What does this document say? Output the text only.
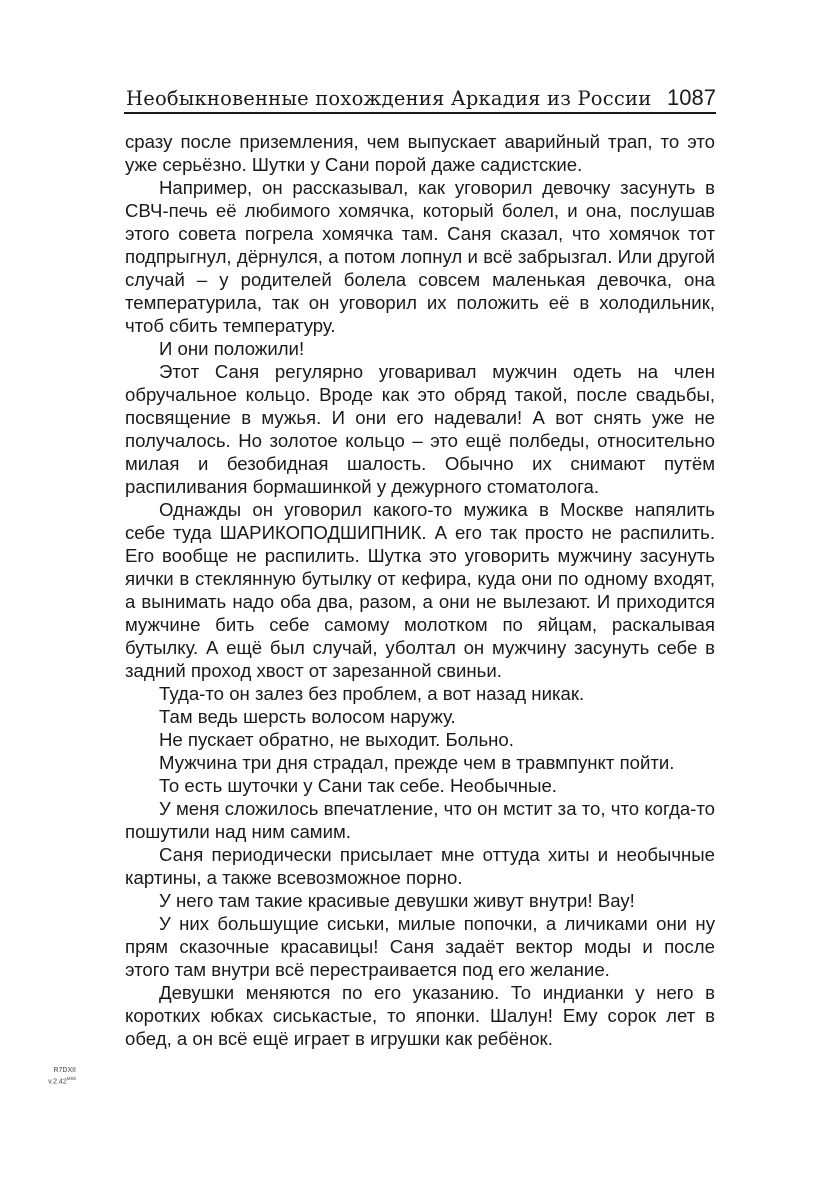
Необыкновенные похождения Аркадия из России 1087

сразу после приземления, чем выпускает аварийный трап, то это уже серьёзно. Шутки у Сани порой даже садистские.

Например, он рассказывал, как уговорил девочку засунуть в СВЧ-печь её любимого хомячка, который болел, и она, послушав этого совета погрела хомячка там. Саня сказал, что хомячок тот подпрыгнул, дёрнулся, а потом лопнул и всё забрызгал. Или другой случай – у родителей болела совсем маленькая девочка, она температурила, так он уговорил их положить её в холодильник, чтоб сбить температуру.

И они положили!

Этот Саня регулярно уговаривал мужчин одеть на член обручальное кольцо. Вроде как это обряд такой, после свадьбы, посвящение в мужья. И они его надевали! А вот снять уже не получалось. Но золотое кольцо – это ещё полбеды, относительно милая и безобидная шалость. Обычно их снимают путём распиливания бормашинкой у дежурного стоматолога.

Однажды он уговорил какого-то мужика в Москве напялить себе туда ШАРИКОПОДШИПНИК. А его так просто не распилить. Его вообще не распилить. Шутка это уговорить мужчину засунуть яички в стеклянную бутылку от кефира, куда они по одному входят, а вынимать надо оба два, разом, а они не вылезают. И приходится мужчине бить себе самому молотком по яйцам, раскалывая бутылку. А ещё был случай, уболтал он мужчину засунуть себе в задний проход хвост от зарезанной свиньи.

Туда-то он залез без проблем, а вот назад никак.

Там ведь шерсть волосом наружу.

Не пускает обратно, не выходит. Больно.

Мужчина три дня страдал, прежде чем в травмпункт пойти.

То есть шуточки у Сани так себе. Необычные.

У меня сложилось впечатление, что он мстит за то, что когда-то пошутили над ним самим.

Саня периодически присылает мне оттуда хиты и необычные картины, а также всевозможное порно.

У него там такие красивые девушки живут внутри! Вау!

У них большущие сиськи, милые попочки, а личиками они ну прям сказочные красавицы! Саня задаёт вектор моды и после этого там внутри всё перестраивается под его желание.

Девушки меняются по его указанию. То индианки у него в коротких юбках сиськастые, то японки. Шалун! Ему сорок лет в обед, а он всё ещё играет в игрушки как ребёнок.

R7DXII
$v.2.42^{MSb}$
